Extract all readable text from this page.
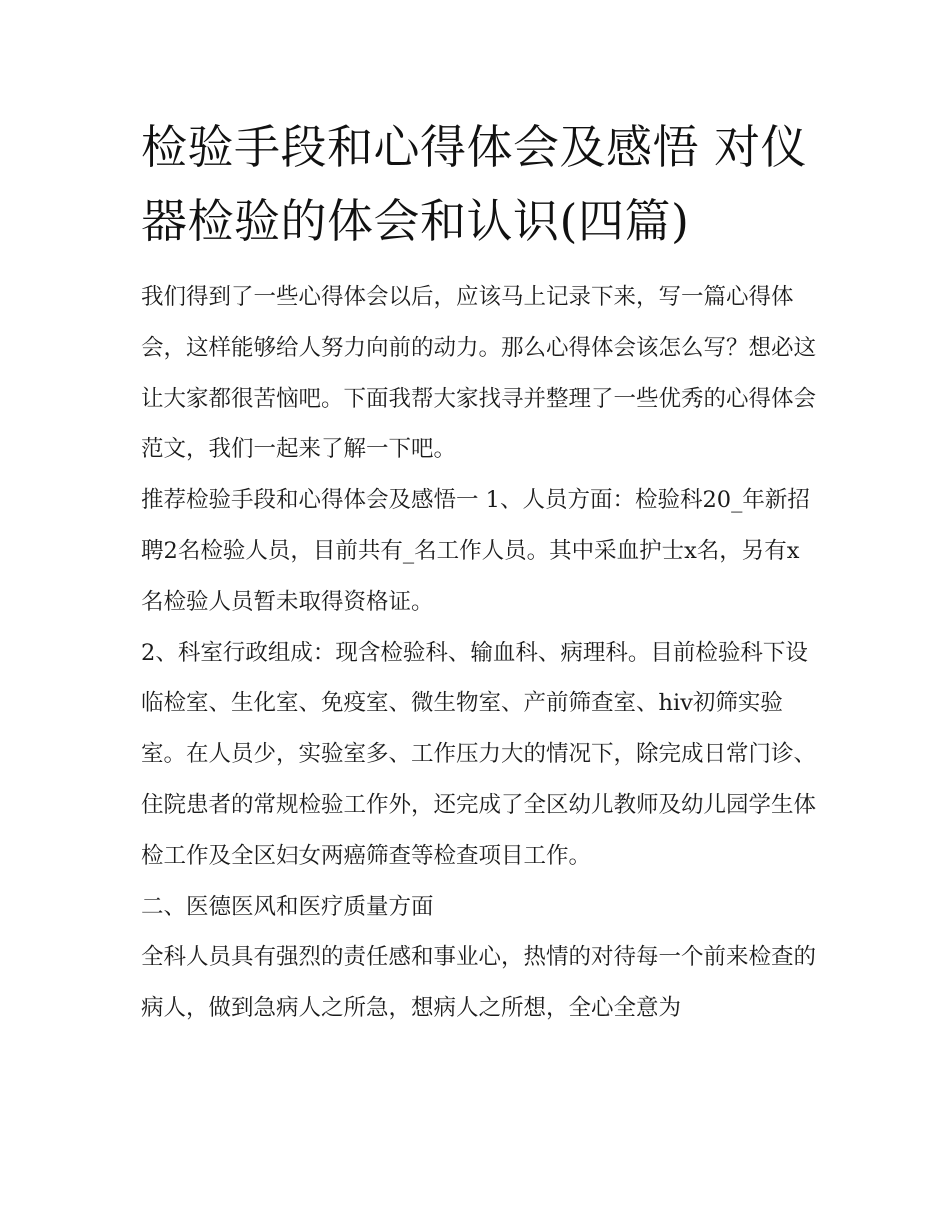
检验手段和心得体会及感悟 对仪器检验的体会和认识(四篇)

我们得到了一些心得体会以后，应该马上记录下来，写一篇心得体会，这样能够给人努力向前的动力。那么心得体会该怎么写？想必这让大家都很苦恼吧。下面我帮大家找寻并整理了一些优秀的心得体会范文，我们一起来了解一下吧。

推荐检验手段和心得体会及感悟一 1、人员方面：检验科20_年新招聘2名检验人员，目前共有_名工作人员。其中采血护士x名，另有x名检验人员暂未取得资格证。

2、科室行政组成：现含检验科、输血科、病理科。目前检验科下设临检室、生化室、免疫室、微生物室、产前筛查室、hiv初筛实验室。在人员少，实验室多、工作压力大的情况下，除完成日常门诊、住院患者的常规检验工作外，还完成了全区幼儿教师及幼儿园学生体检工作及全区妇女两癌筛查等检查项目工作。

二、医德医风和医疗质量方面

全科人员具有强烈的责任感和事业心，热情的对待每一个前来检查的病人，做到急病人之所急，想病人之所想，全心全意为
